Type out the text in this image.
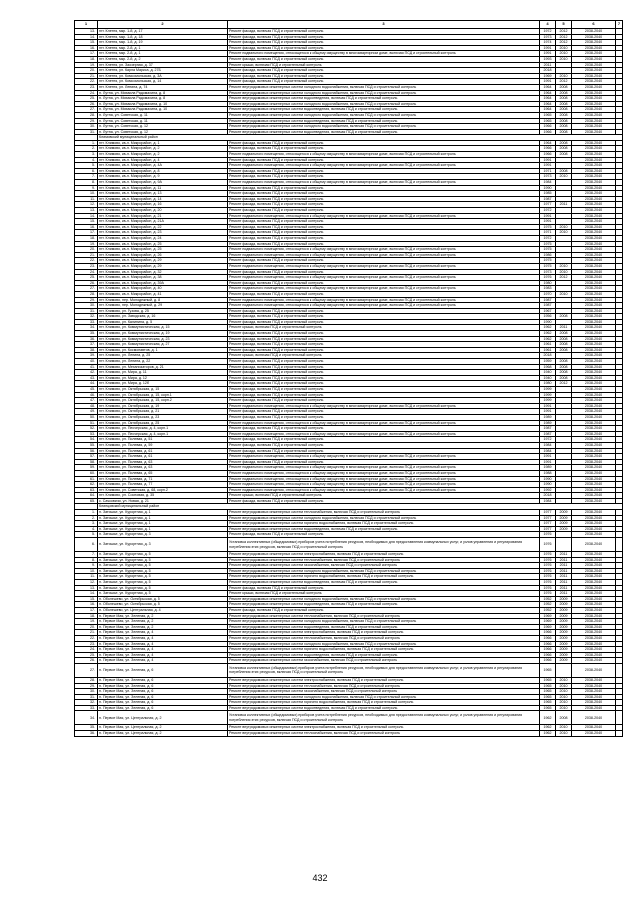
1	2	3	4	5	6	7
13.	пгт. Клетня, мкр. 1-й, д. 17	Ремонт фасада, включая ПСД и строительный контроль	1972	2012	2038-2040	
14.	пгт. Клетня, мкр. 1-й, д. 18	Ремонт фасада, включая ПСД и строительный контроль	1973	2012	2038-2040	
15.	пгт. Клетня, мкр. 1-й, д. 19	Ремонт фасада, включая ПСД и строительный контроль	1974	2012	2038-2040	
16.	пгт. Клетня, мкр. 2-й, д. 1	Ремонт фасада, включая ПСД и строительный контроль	1991	2010	2038-2040	
17.	пгт. Клетня, мкр. 2-й, д. 1	Ремонт подвального помещения, относящегося к общему имуществу в многоквартирном доме, включая ПСД и строительный контроль	1991	2010	2038-2040	
18.	пгт. Клетня, мкр. 2-й, д. 2	Ремонт фасада, включая ПСД и строительный контроль	1993	2010	2038-2040	
19.	пгт. Клетня, ул. Заозерная, д. 37	Ремонт крыши, включая ПСД и строительный контроль	2011		2038-2040	
20.	пгт. Клетня, ул. Карла Маркса, д. 27Б	Ремонт фасада, включая ПСД и строительный контроль	2018		2038-2040	
21.	пгт. Клетня, ул. Комсомольская, д. 3А	Ремонт фасада, включая ПСД и строительный контроль	1969	2010	2038-2040	
22.	пгт. Клетня, ул. Комсомольская, д. 14	Ремонт фасада, включая ПСД и строительный контроль	1991	2012	2038-2040	
23.	пгт. Клетня, ул. Ленина, д. 74	Ремонт внутридомовых инженерных систем холодного водоснабжения, включая ПСД и строительный контроль	1964	2008	2038-2040	
24.	п. Лутна, ул. Михаила Радомахина, д. 8	Ремонт внутридомовых инженерных систем холодного водоснабжения, включая ПСД и строительный контроль	1964	2008	2038-2040	
25.	п. Лутна, ул. Михаила Радомахина, д. 8	Ремонт внутридомовых инженерных систем водоотведения, включая ПСД и строительный контроль	1964	2008	2038-2040	
26.	п. Лутна, ул. Михаила Радомахина, д. 10	Ремонт внутридомовых инженерных систем холодного водоснабжения, включая ПСД и строительный контроль	1964	2008	2038-2040	
27.	п. Лутна, ул. Михаила Радомахина, д. 10	Ремонт внутридомовых инженерных систем водоотведения, включая ПСД и строительный контроль	1964	2008	2038-2040	
28.	п. Лутна, ул. Советская, д. 11	Ремонт внутридомовых инженерных систем холодного водоснабжения, включая ПСД и строительный контроль	1965	2008	2038-2040	
29.	п. Лутна, ул. Советская, д. 11	Ремонт внутридомовых инженерных систем водоотведения, включая ПСД и строительный контроль	1965	2008	2038-2040	
30.	п. Лутна, ул. Советская, д. 12	Ремонт внутридомовых инженерных систем холодного водоснабжения, включая ПСД и строительный контроль	1966	2008	2038-2040	
31.	п. Лутна, ул. Советская, д. 12	Ремонт внутридомовых инженерных систем водоотведения, включая ПСД и строительный контроль	1966	2008	2038-2040	
	Климовский муниципальный район					
1.	пгт. Климово, кв-л. Микрорайон, д. 1	Ремонт фасада, включая ПСД и строительный контроль	1964	2008	2038-2040	
2.	пгт. Климово, кв-л. Микрорайон, д. 2	Ремонт фасада, включая ПСД и строительный контроль	1966	2008	2038-2040	
3.	пгт. Климово, кв-л. Микрорайон, д. 2	Ремонт подвального помещения, относящегося к общему имуществу в многоквартирном доме, включая ПСД и строительный контроль	1966	2008	2038-2040	
4.	пгт. Климово, кв-л. Микрорайон, д. 4	Ремонт фасада, включая ПСД и строительный контроль	1991		2038-2040	
5.	пгт. Климово, кв-л. Микрорайон, д. 4А	Ремонт подвального помещения, относящегося к общему имуществу в многоквартирном доме, включая ПСД и строительный контроль	1991		2038-2040	
6.	пгт. Климово, кв-л. Микрорайон, д. 8	Ремонт фасада, включая ПСД и строительный контроль	1971	2008	2038-2040	
7.	пгт. Климово, кв-л. Микрорайон, д. 9	Ремонт фасада, включая ПСД и строительный контроль	1973	2010	2038-2040	
8.	пгт. Климово, кв-л. Микрорайон, д. 9А	Ремонт подвального помещения, относящегося к общему имуществу в многоквартирном доме, включая ПСД и строительный контроль	1984		2038-2040	
9.	пгт. Климово, кв-л. Микрорайон, д. 11	Ремонт фасада, включая ПСД и строительный контроль	1990		2038-2040	
10.	пгт. Климово, кв-л. Микрорайон, д. 13	Ремонт фасада, включая ПСД и строительный контроль	1985		2038-2040	
11.	пгт. Климово, кв-л. Микрорайон, д. 14	Ремонт фасада, включая ПСД и строительный контроль	1987		2038-2040	
12.	пгт. Климово, кв-л. Микрорайон, д. 16	Ремонт фасада, включая ПСД и строительный контроль	1977	2011	2038-2040	
13.	пгт. Климово, кв-л. Микрорайон, д. 20	Ремонт фасада, включая ПСД и строительный контроль	1972		2038-2040	
14.	пгт. Климово, кв-л. Микрорайон, д. 21	Ремонт подвального помещения, относящегося к общему имуществу в многоквартирном доме, включая ПСД и строительный контроль	1991		2038-2040	
15.	пгт. Климово, кв-л. Микрорайон, д. 21А	Ремонт фасада, включая ПСД и строительный контроль	1991		2038-2040	
16.	пгт. Климово, кв-л. Микрорайон, д. 22	Ремонт фасада, включая ПСД и строительный контроль	1975	2010	2038-2040	
17.	пгт. Климово, кв-л. Микрорайон, д. 23	Ремонт фасада, включая ПСД и строительный контроль	1971	2010	2038-2040	
18.	пгт. Климово, кв-л. Микрорайон, д. 24	Ремонт фасада, включая ПСД и строительный контроль	1972		2038-2040	
19.	пгт. Климово, кв-л. Микрорайон, д. 25	Ремонт фасада, включая ПСД и строительный контроль	1975		2038-2040	
20.	пгт. Климово, кв-л. Микрорайон, д. 25	Ремонт подвального помещения, относящегося к общему имуществу в многоквартирном доме, включая ПСД и строительный контроль	1975		2038-2040	
21.	пгт. Климово, кв-л. Микрорайон, д. 26	Ремонт подвального помещения, относящегося к общему имуществу в многоквартирном доме, включая ПСД и строительный контроль	1986		2038-2040	
22.	пгт. Климово, кв-л. Микрорайон, д. 29	Ремонт фасада, включая ПСД и строительный контроль	1975		2038-2040	
23.	пгт. Климово, кв-л. Микрорайон, д. 29	Ремонт подвального помещения, относящегося к общему имуществу в многоквартирном доме, включая ПСД и строительный контроль	1975	2010	2038-2040	
24.	пгт. Климово, кв-л. Микрорайон, д. 32	Ремонт фасада, включая ПСД и строительный контроль	1973	2010	2038-2040	
25.	пгт. Климово, кв-л. Микрорайон, д. 38	Ремонт подвального помещения, относящегося к общему имуществу в многоквартирном доме, включая ПСД и строительный контроль	1976	2012	2038-2040	
26.	пгт. Климово, кв-л. Микрорайон, д. 39А	Ремонт фасада, включая ПСД и строительный контроль	1980		2038-2040	
27.	пгт. Климово, кв-л. Микрорайон, д. 40	Ремонт подвального помещения, относящегося к общему имуществу в многоквартирном доме, включая ПСД и строительный контроль	1983		2038-2040	
28.	пгт. Климово, кв-л. Микрорайон, д. 41	Ремонт фасада, включая ПСД и строительный контроль	1970	2010	2038-2040	
29.	пгт. Климово, пер. Молодежный, д. 8	Ремонт подвального помещения, относящегося к общему имуществу в многоквартирном доме, включая ПСД и строительный контроль	1987		2038-2040	
30.	пгт. Климово, пер. Молодежный, д. 29	Ремонт подвального помещения, относящегося к общему имуществу в многоквартирном доме, включая ПСД и строительный контроль	1987		2038-2040	
31.	пгт. Климово, ул. Гузова, д. 25	Ремонт фасада, включая ПСД и строительный контроль	1967		2038-2040	
32.	пгт. Климово, ул. Заводская, д. 16	Ремонт фасада, включая ПСД и строительный контроль	1956	2008	2038-2040	
33.	пгт. Климово, ул. Калинина, д. 5	Ремонт фасада, включая ПСД и строительный контроль	1990		2038-2040	
34.	пгт. Климово, ул. Коммунистическая, д. 15	Ремонт крыши, включая ПСД и строительный контроль	1962	2011	2038-2040	
35.	пгт. Климово, ул. Коммунистическая, д. 19	Ремонт фасада, включая ПСД и строительный контроль	1962	2008	2038-2040	
36.	пгт. Климово, ул. Коммунистическая, д. 23	Ремонт фасада, включая ПСД и строительный контроль	1962	2008	2038-2040	
37.	пгт. Климово, ул. Коммунистическая, д. 27	Ремонт фасада, включая ПСД и строительный контроль	1961	2008	2038-2040	
38.	пгт. Климово, ул. Космонавтов, д. 1	Ремонт фасада, включая ПСД и строительный контроль	1961	2008	2038-2040	
39.	пгт. Климово, ул. Ленина, д. 25	Ремонт крыши, включая ПСД и строительный контроль	2018		2038-2040	
40.	пгт. Климово, ул. Ленина, д. 22	Ремонт фасада, включая ПСД и строительный контроль	1959	2008	2038-2040	
41.	пгт. Климово, ул. Механизаторов, д. 21	Ремонт фасада, включая ПСД и строительный контроль	1968	2008	2038-2040	
42.	пгт. Климово, ул. Мира, д. 11	Ремонт фасада, включая ПСД и строительный контроль	1940	2008	2038-2040	
43.	пгт. Климово, ул. Мира, д. 12	Ремонт фасада, включая ПСД и строительный контроль	1940	2008	2038-2040	
44.	пгт. Климово, ул. Мира, д. 12б	Ремонт фасада, включая ПСД и строительный контроль	1980	2012	2038-2040	
45.	пгт. Климово, ул. Октябрьская, д. 15	Ремонт фасада, включая ПСД и строительный контроль	1999		2038-2040	
46.	пгт. Климово, ул. Октябрьская, д. 15, корп.1	Ремонт фасада, включая ПСД и строительный контроль	1999		2038-2040	
47.	пгт. Климово, ул. Октябрьская, д. 15, корп.2	Ремонт фасада, включая ПСД и строительный контроль	1999		2038-2040	
48.	пгт. Климово, ул. Октябрьская, д. 19	Ремонт подвального помещения, относящегося к общему имуществу в многоквартирном доме, включая ПСД и строительный контроль	1991		2038-2040	
49.	пгт. Климово, ул. Октябрьская, д. 21	Ремонт фасада, включая ПСД и строительный контроль	1991		2038-2040	
50.	пгт. Климово, ул. Октябрьская, д. 23	Ремонт фасада, включая ПСД и строительный контроль	1989		2038-2040	
51.	пгт. Климово, ул. Октябрьская, д. 25	Ремонт подвального помещения, относящегося к общему имуществу в многоквартирном доме, включая ПСД и строительный контроль	1989		2038-2040	
52.	пгт. Климово, ул. Песчерская, д. 4, корп.1	Ремонт фасада, включая ПСД и строительный контроль	1987		2038-2040	
53.	пгт. Климово, ул. Песчерская, д. 4, корп.1	Ремонт подвального помещения, относящегося к общему имуществу в многоквартирном доме, включая ПСД и строительный контроль	1987		2038-2040	
54.	пгт. Климово, ул. Полевая, д. 51	Ремонт фасада, включая ПСД и строительный контроль	1972		2038-2040	
55.	пгт. Климово, ул. Полевая, д. 59	Ремонт фасада, включая ПСД и строительный контроль	1984		2038-2040	
56.	пгт. Климово, ул. Полевая, д. 61	Ремонт фасада, включая ПСД и строительный контроль	1984		2038-2040	
57.	пгт. Климово, ул. Полевая, д. 61	Ремонт подвального помещения, относящегося к общему имуществу в многоквартирном доме, включая ПСД и строительный контроль	1991		2038-2040	
58.	пгт. Климово, ул. Полевая, д. 63	Ремонт фасада, включая ПСД и строительный контроль	1991		2038-2040	
59.	пгт. Климово, ул. Полевая, д. 63	Ремонт подвального помещения, относящегося к общему имуществу в многоквартирном доме, включая ПСД и строительный контроль	1989		2038-2040	
60.	пгт. Климово, ул. Полевая, д. 65	Ремонт подвального помещения, относящегося к общему имуществу в многоквартирном доме, включая ПСД и строительный контроль	1988		2038-2040	
61.	пгт. Климово, ул. Полевая, д. 71	Ремонт подвального помещения, относящегося к общему имуществу в многоквартирном доме, включая ПСД и строительный контроль	1990		2038-2040	
62.	пгт. Климово, ул. Полевая, д. 77	Ремонт подвального помещения, относящегося к общему имуществу в многоквартирном доме, включая ПСД и строительный контроль	1990		2038-2040	
63.	пгт. Климово, ул. Советская, д. 68, корп.2	Ремонт подвального помещения, относящегося к общему имуществу в многоквартирном доме, включая ПСД и строительный контроль	1992		2038-2040	
64.	пгт. Климово, ул. Сосновая, д. 35	Ремонт крыши, включая ПСД и строительный контроль	2018		2038-2040	
65.	с. Сачковичи, ул. Новая, д. 21	Ремонт фасада, включая ПСД и строительный контроль	1984		2038-2040	
	Клинцовский муниципальный район					
1.	п. Затишье, ул. Курортная, д. 1	Ремонт внутридомовых инженерных систем теплоснабжения, включая ПСД и строительный контроль	1977	2009	2038-2040	
2.	п. Затишье, ул. Курортная, д. 1	Ремонт внутридомовых инженерных систем холодного водоснабжения, включая ПСД и строительный контроль	1977	2009	2038-2040	
3.	п. Затишье, ул. Курортная, д. 1	Ремонт внутридомовых инженерных систем горячего водоснабжения, включая ПСД и строительный контроль	1977	2009	2038-2040	
4.	п. Затишье, ул. Курортная, д. 1	Ремонт внутридомовых инженерных систем водоотведения, включая ПСД и строительный контроль	1977	2009	2038-2040	
5.	п. Затишье, ул. Курортная, д. 3	Ремонт фасада, включая ПСД и строительный контроль	1976		2038-2040	
6.	п. Затишье, ул. Курортная, д. 3	Установка коллективных (общедомовых) приборов учета потребления ресурсов, необходимых для предоставления коммунальных услуг, и узлов управления и регулирования потребления этих ресурсов, включая ПСД и строительный контроль	1976		2038-2040	
7.	п. Затишье, ул. Курортная, д. 5	Ремонт внутридомовых инженерных систем электроснабжения, включая ПСД и строительный контроль	1976	2011	2038-2040	
8.	п. Затишье, ул. Курортная, д. 5	Ремонт внутридомовых инженерных систем теплоснабжения, включая ПСД и строительный контроль	1976	2011	2038-2040	
9.	п. Затишье, ул. Курортная, д. 5	Ремонт внутридомовых инженерных систем газоснабжения, включая ПСД и строительный контроль	1976	2011	2038-2040	
10.	п. Затишье, ул. Курортная, д. 5	Ремонт внутридомовых инженерных систем холодного водоснабжения, включая ПСД и строительный контроль	1976	2011	2038-2040	
11.	п. Затишье, ул. Курортная, д. 5	Ремонт внутридомовых инженерных систем горячего водоснабжения, включая ПСД и строительный контроль	1976	2011	2038-2040	
12.	п. Затишье, ул. Курортная, д. 5	Ремонт внутридомовых инженерных систем водоотведения, включая ПСД и строительный контроль	1976	2011	2038-2040	
13.	п. Затишье, ул. Курортная, д. 5	Ремонт фасада, включая ПСД и строительный контроль	1976	2011	2038-2040	
14.	п. Затишье, ул. Курортная, д. 5	Ремонт крыши, включая ПСД и строительный контроль	1976	2011	2038-2040	
15.	п. Оболешево, ул. Октябрьская, д. 5	Ремонт внутридомовых инженерных систем холодного водоснабжения, включая ПСД и строительный контроль	1952	2009	2038-2040	
16.	п. Оболешево, ул. Октябрьская, д. 5	Ремонт внутридомовых инженерных систем водоотведения, включая ПСД и строительный контроль	1952	2009	2038-2040	
17.	п. Оболешево, ул. Центральная, д. 4	Ремонт фасада, включая ПСД и строительный контроль	1952	2009	2038-2040	
18.	п. Первое Мая, ул. Зеленая, д. 2	Ремонт внутридомовых инженерных систем теплоснабжения, включая ПСД и строительный контроль	1969	2009	2038-2040	
19.	п. Первое Мая, ул. Зеленая, д. 2	Ремонт внутридомовых инженерных систем холодного водоснабжения, включая ПСД и строительный контроль	1969	2009	2038-2040	
20.	п. Первое Мая, ул. Зеленая, д. 2	Ремонт внутридомовых инженерных систем водоотведения, включая ПСД и строительный контроль	1969	2009	2038-2040	
21.	п. Первое Мая, ул. Зеленая, д. 4	Ремонт внутридомовых инженерных систем электроснабжения, включая ПСД и строительный контроль	1966	2009	2038-2040	
22.	п. Первое Мая, ул. Зеленая, д. 4	Ремонт внутридомовых инженерных систем теплоснабжения, включая ПСД и строительный контроль	1966	2009	2038-2040	
23.	п. Первое Мая, ул. Зеленая, д. 4	Ремонт внутридомовых инженерных систем холодного водоснабжения, включая ПСД и строительный контроль	1966	2009	2038-2040	
24.	п. Первое Мая, ул. Зеленая, д. 4	Ремонт внутридомовых инженерных систем горячего водоснабжения, включая ПСД и строительный контроль	1966	2009	2038-2040	
25.	п. Первое Мая, ул. Зеленая, д. 4	Ремонт внутридомовых инженерных систем водоотведения, включая ПСД и строительный контроль	1966	2009	2038-2040	
26.	п. Первое Мая, ул. Зеленая, д. 4	Ремонт внутридомовых инженерных систем газоснабжения, включая ПСД и строительный контроль	1966	2009	2038-2040	
27.	п. Первое Мая, ул. Зеленая, д. 6	Установка коллективных (общедомовых) приборов учета потребления ресурсов, необходимых для предоставления коммунальных услуг, и узлов управления и регулирования потребления этих ресурсов, включая ПСД и строительный контроль	1965		2038-2040	
28.	п. Первое Мая, ул. Зеленая, д. 6	Ремонт внутридомовых инженерных систем электроснабжения, включая ПСД и строительный контроль	1965	2010	2038-2040	
29.	п. Первое Мая, ул. Зеленая, д. 6	Ремонт внутридомовых инженерных систем теплоснабжения, включая ПСД и строительный контроль	1965	2010	2038-2040	
30.	п. Первое Мая, ул. Зеленая, д. 6	Ремонт внутридомовых инженерных систем газоснабжения, включая ПСД и строительный контроль	1965	2010	2038-2040	
31.	п. Первое Мая, ул. Зеленая, д. 6	Ремонт внутридомовых инженерных систем холодного водоснабжения, включая ПСД и строительный контроль	1965	2010	2038-2040	
32.	п. Первое Мая, ул. Зеленая, д. 6	Ремонт внутридомовых инженерных систем горячего водоснабжения, включая ПСД и строительный контроль	1965	2010	2038-2040	
33.	п. Первое Мая, ул. Зеленая, д. 6	Ремонт внутридомовых инженерных систем водоотведения, включая ПСД и строительный контроль	1965	2010	2038-2040	
34.	п. Первое Мая, ул. Центральная, д. 2	Установка коллективных (общедомовых) приборов учета потребления ресурсов, необходимых для предоставления коммунальных услуг, и узлов управления и регулирования потребления этих ресурсов, включая ПСД и строительный контроль	1962	2008	2038-2040	
35.	п. Первое Мая, ул. Центральная, д. 2	Ремонт внутридомовых инженерных систем электроснабжения, включая ПСД и строительный контроль	1962	2010	2038-2040	
36.	п. Первое Мая, ул. Центральная, д. 2	Ремонт внутридомовых инженерных систем теплоснабжения, включая ПСД и строительный контроль	1962	2010	2038-2040	
432
